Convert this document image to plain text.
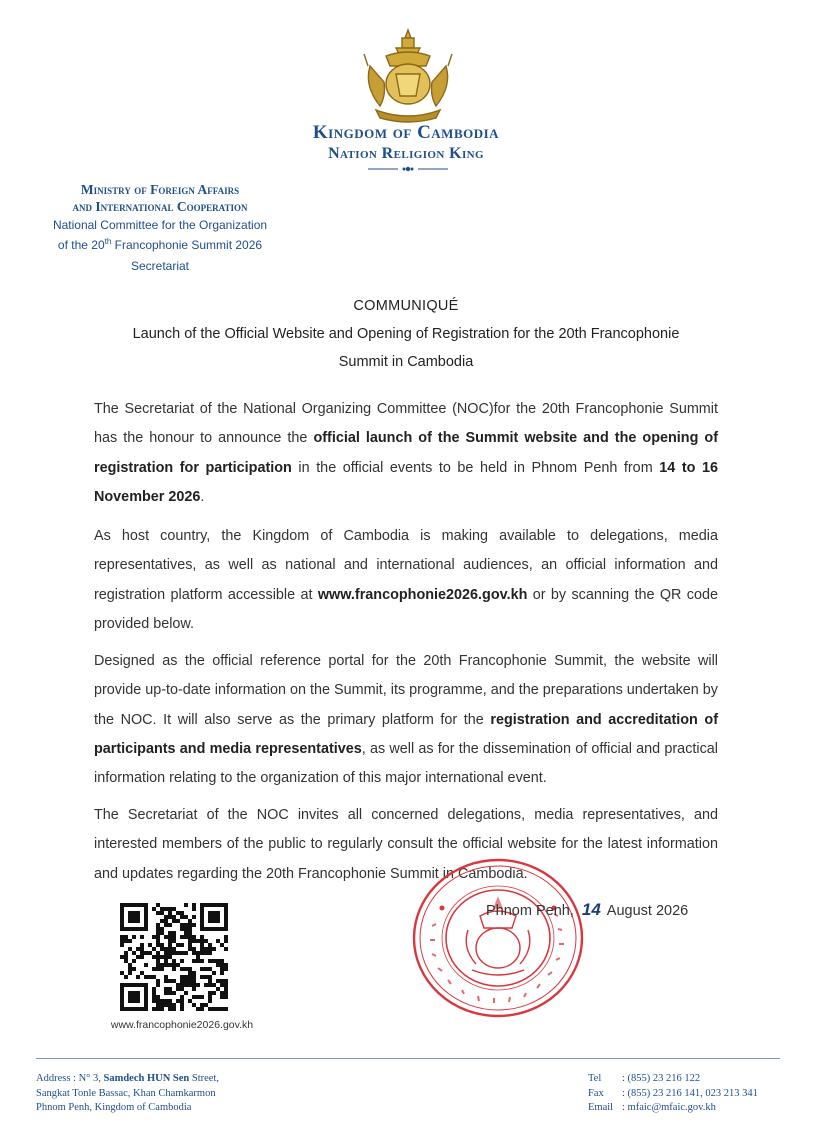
Kingdom of Cambodia
Nation Religion King
Ministry of Foreign Affairs
and International Cooperation
National Committee for the Organization
of the 20th Francophonie Summit 2026
Secretariat
COMMUNIQUÉ
Launch of the Official Website and Opening of Registration for the 20th Francophonie
Summit in Cambodia
The Secretariat of the National Organizing Committee (NOC)for the 20th Francophonie Summit has the honour to announce the official launch of the Summit website and the opening of registration for participation in the official events to be held in Phnom Penh from 14 to 16 November 2026.
As host country, the Kingdom of Cambodia is making available to delegations, media representatives, as well as national and international audiences, an official information and registration platform accessible at www.francophonie2026.gov.kh or by scanning the QR code provided below.
Designed as the official reference portal for the 20th Francophonie Summit, the website will provide up-to-date information on the Summit, its programme, and the preparations undertaken by the NOC. It will also serve as the primary platform for the registration and accreditation of participants and media representatives, as well as for the dissemination of official and practical information relating to the organization of this major international event.
The Secretariat of the NOC invites all concerned delegations, media representatives, and interested members of the public to regularly consult the official website for the latest information and updates regarding the 20th Francophonie Summit in Cambodia.
www.francophonie2026.gov.kh
Phnom Penh, 14 August 2026
Address : N° 3, Samdech HUN Sen Street,
Sangkat Tonle Bassac, Khan Chamkarmon
Phnom Penh, Kingdom of Cambodia
Tel : (855) 23 216 122
Fax : (855) 23 216 141, 023 213 341
Email : mfaic@mfaic.gov.kh
